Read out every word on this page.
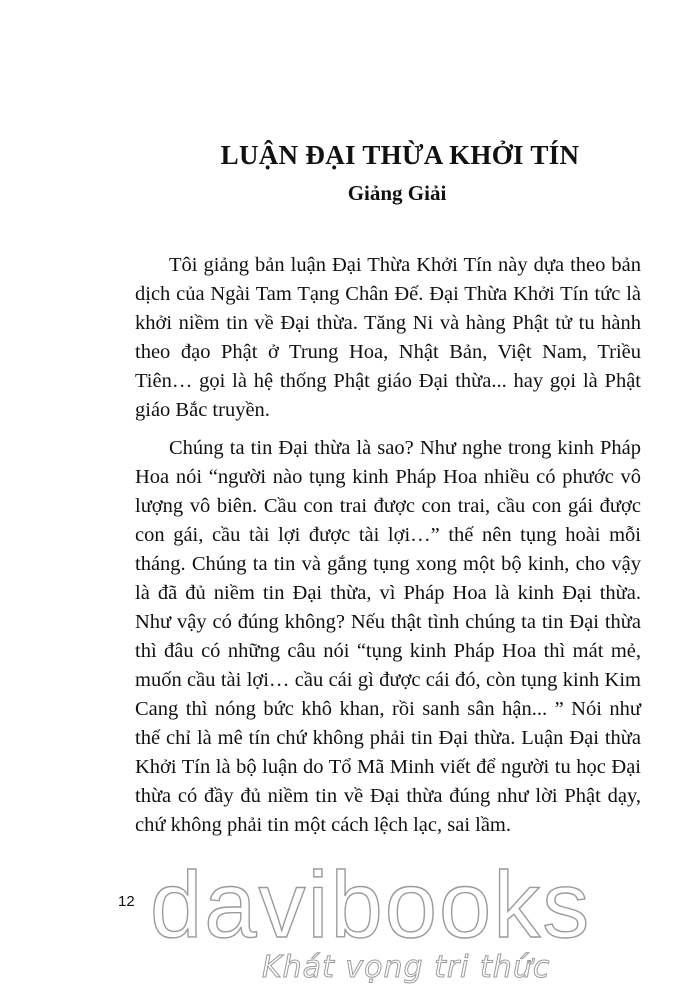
LUẬN ĐẠI THỪA KHỞI TÍN
Giảng Giải

Tôi giảng bản luận Đại Thừa Khởi Tín này dựa theo bản dịch của Ngài Tam Tạng Chân Đế. Đại Thừa Khởi Tín tức là khởi niềm tin về Đại thừa. Tăng Ni và hàng Phật tử tu hành theo đạo Phật ở Trung Hoa, Nhật Bản, Việt Nam, Triều Tiên… gọi là hệ thống Phật giáo Đại thừa... hay gọi là Phật giáo Bắc truyền.

Chúng ta tin Đại thừa là sao? Như nghe trong kinh Pháp Hoa nói “người nào tụng kinh Pháp Hoa nhiều có phước vô lượng vô biên. Cầu con trai được con trai, cầu con gái được con gái, cầu tài lợi được tài lợi…” thế nên tụng hoài mỗi tháng. Chúng ta tin và gắng tụng xong một bộ kinh, cho vậy là đã đủ niềm tin Đại thừa, vì Pháp Hoa là kinh Đại thừa. Như vậy có đúng không? Nếu thật tình chúng ta tin Đại thừa thì đâu có những câu nói “tụng kinh Pháp Hoa thì mát mẻ, muốn cầu tài lợi… cầu cái gì được cái đó, còn tụng kinh Kim Cang thì nóng bức khô khan, rồi sanh sân hận... ” Nói như thế chỉ là mê tín chứ không phải tin Đại thừa. Luận Đại thừa Khởi Tín là bộ luận do Tổ Mã Minh viết để người tu học Đại thừa có đầy đủ niềm tin về Đại thừa đúng như lời Phật dạy, chứ không phải tin một cách lệch lạc, sai lầm.

12 davibooks
Khát vọng tri thức
